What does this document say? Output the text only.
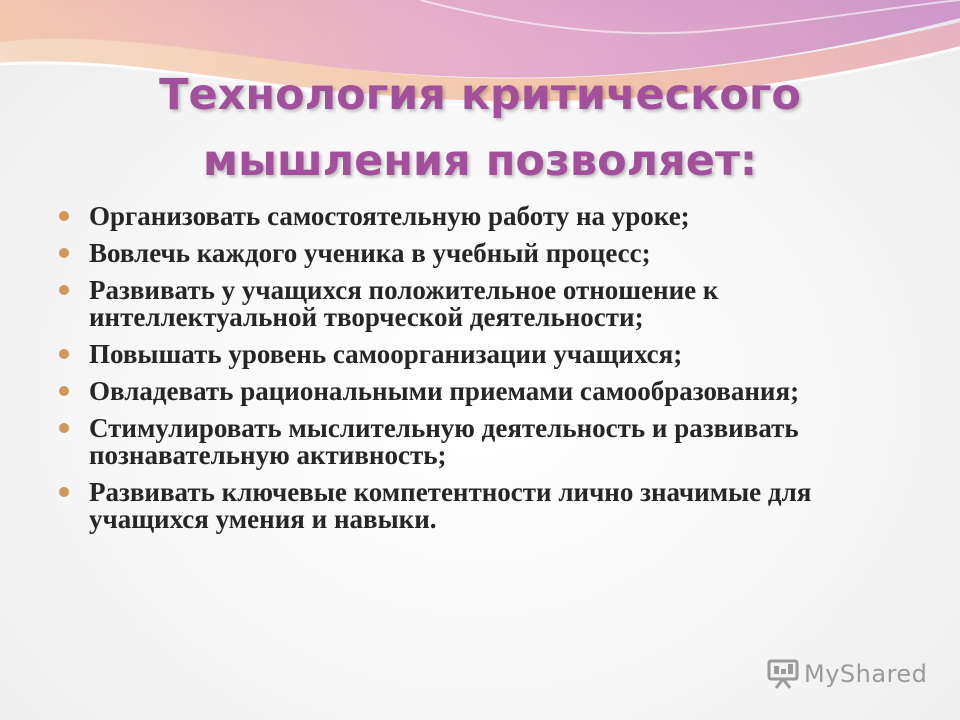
Технология критического
мышления позволяет:
Организовать самостоятельную работу на уроке;
Вовлечь каждого ученика в учебный процесс;
Развивать у учащихся положительное отношение к интеллектуальной творческой деятельности;
Повышать уровень самоорганизации учащихся;
Овладевать рациональными приемами самообразования;
Стимулировать мыслительную деятельность и развивать познавательную активность;
Развивать ключевые компетентности лично значимые для учащихся умения и навыки.
MyShared
